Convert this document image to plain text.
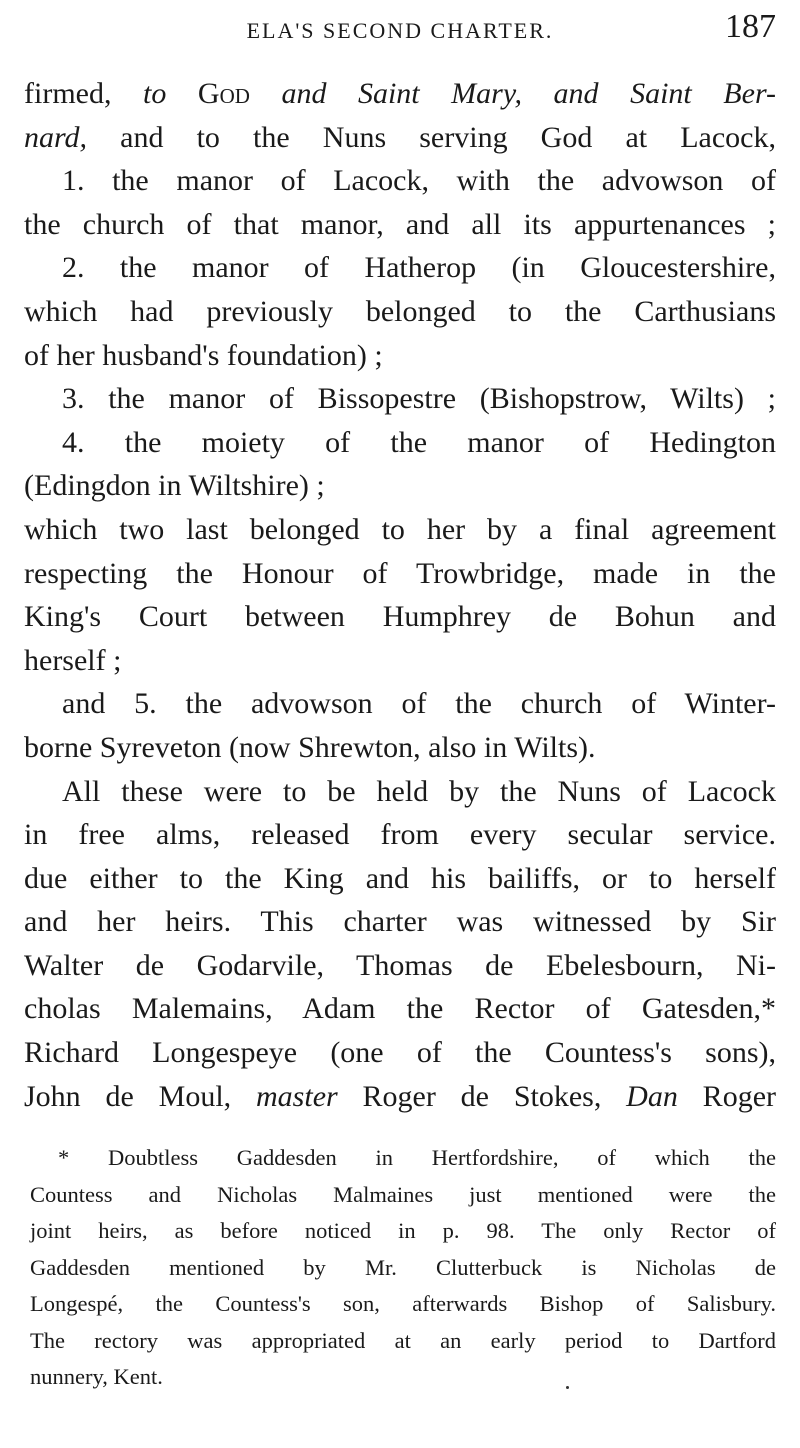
ELA'S SECOND CHARTER.	187
firmed, to God and Saint Mary, and Saint Ber-
nard, and to the Nuns serving God at Lacock,
1. the manor of Lacock, with the advowson of
the church of that manor, and all its appurtenances ;
2. the manor of Hatherop (in Gloucestershire,
which had previously belonged to the Carthusians
of her husband's foundation) ;
3. the manor of Bissopestre (Bishopstrow, Wilts) ;
4. the moiety of the manor of Hedington
(Edingdon in Wiltshire) ;
which two last belonged to her by a final agreement
respecting the Honour of Trowbridge, made in the
King's Court between Humphrey de Bohun and
herself ;
and 5. the advowson of the church of Winter-
borne Syreveton (now Shrewton, also in Wilts).
All these were to be held by the Nuns of Lacock
in free alms, released from every secular service.
due either to the King and his bailiffs, or to herself
and her heirs. This charter was witnessed by Sir
Walter de Godarvile, Thomas de Ebelesbourn, Ni-
cholas Malemains, Adam the Rector of Gatesden,*
Richard Longespeye (one of the Countess's sons),
John de Moul, master Roger de Stokes, Dan Roger
* Doubtless Gaddesden in Hertfordshire, of which the
Countess and Nicholas Malmaines just mentioned were the
joint heirs, as before noticed in p. 98. The only Rector of
Gaddesden mentioned by Mr. Clutterbuck is Nicholas de
Longespé, the Countess's son, afterwards Bishop of Salisbury.
The rectory was appropriated at an early period to Dartford
nunnery, Kent.
